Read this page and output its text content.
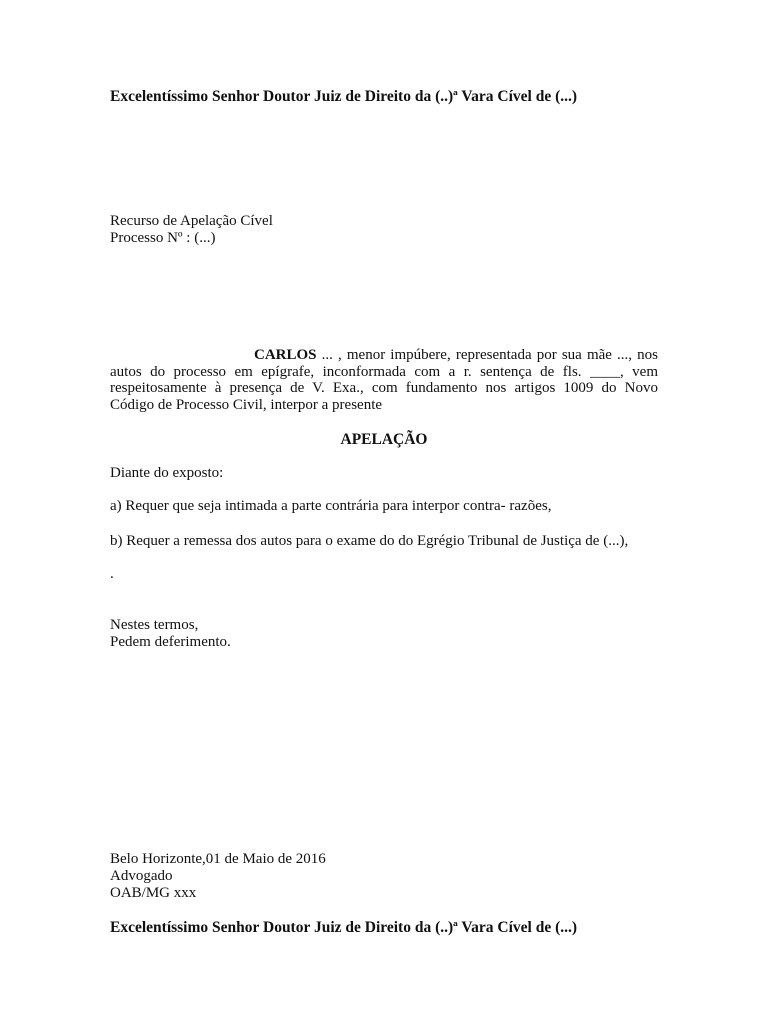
Excelentíssimo Senhor Doutor Juiz de Direito da (..)ª Vara Cível de (...)
Recurso de Apelação Cível
Processo Nº : (...)
CARLOS ... , menor impúbere, representada por sua mãe ..., nos
autos do processo em epígrafe, inconformada com a r. sentença de fls. ____, vem
respeitosamente à presença de V. Exa., com fundamento nos artigos 1009 do Novo
Código de Processo Civil, interpor a presente
APELAÇÃO
Diante do exposto:
a) Requer que seja intimada a parte contrária para interpor contra- razões,
b) Requer a remessa dos autos para o exame do do Egrégio Tribunal de Justiça de (...),
.
Nestes termos,
Pedem deferimento.
Belo Horizonte,01 de Maio de 2016
Advogado
OAB/MG xxx
Excelentíssimo Senhor Doutor Juiz de Direito da (..)ª Vara Cível de (...)
